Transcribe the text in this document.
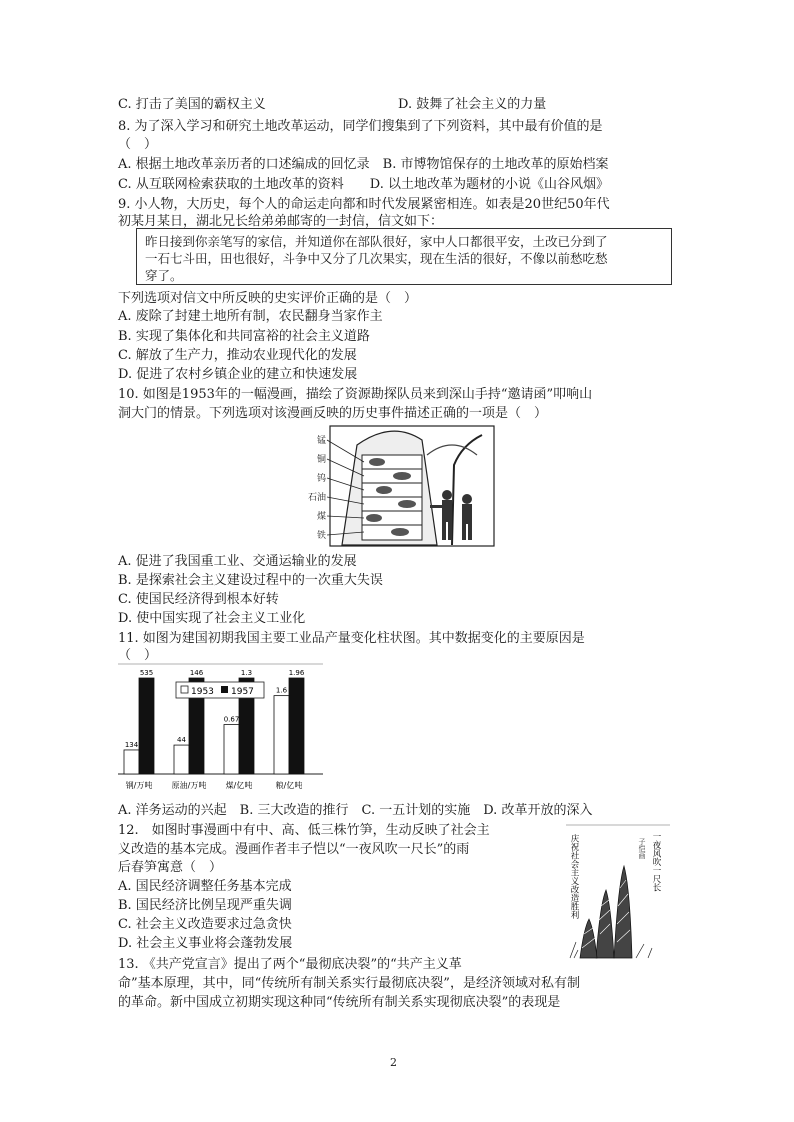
C. 打击了美国的霸权主义	D. 鼓舞了社会主义的力量
8. 为了深入学习和研究土地改革运动，同学们搜集到了下列资料，其中最有价值的是
（　）
A. 根据土地改革亲历者的口述编成的回忆录　B. 市博物馆保存的土地改革的原始档案
C. 从互联网检索获取的土地改革的资料　　D. 以土地改革为题材的小说《山谷风烟》
9. 小人物，大历史，每个人的命运走向都和时代发展紧密相连。如表是20世纪50年代
初某月某日，湖北兄长给弟弟邮寄的一封信，信文如下：
昨日接到你亲笔写的家信，并知道你在部队很好，家中人口都很平安，土改已分到了
一石七斗田，田也很好，斗争中又分了几次果实，现在生活的很好，不像以前愁吃愁
穿了。
下列选项对信文中所反映的史实评价正确的是（　）
A. 废除了封建土地所有制，农民翻身当家作主
B. 实现了集体化和共同富裕的社会主义道路
C. 解放了生产力，推动农业现代化的发展
D. 促进了农村乡镇企业的建立和快速发展
10. 如图是1953年的一幅漫画，描绘了资源勘探队员来到深山手持“邀请函”叩响山
洞大门的情景。下列选项对该漫画反映的历史事件描述正确的一项是（　）
锰
铜
钨
石油
煤
铁
A. 促进了我国重工业、交通运输业的发展
B. 是探索社会主义建设过程中的一次重大失误
C. 使国民经济得到根本好转
D. 使中国实现了社会主义工业化
11. 如图为建国初期我国主要工业品产量变化柱状图。其中数据变化的主要原因是
（　）
134
535
钢/万吨
44
146
原油/万吨
0.67
1.3
煤/亿吨
1.6
1.96
粮/亿吨
1953 1957
A. 洋务运动的兴起　B. 三大改造的推行　C. 一五计划的实施　D. 改革开放的深入
12.　如图时事漫画中有中、高、低三株竹笋，生动反映了社会主
义改造的基本完成。漫画作者丰子恺以“一夜风吹一尺长”的雨
后春笋寓意（　）
A. 国民经济调整任务基本完成
B. 国民经济比例呈现严重失调
C. 社会主义改造要求过急贪快
D. 社会主义事业将会蓬勃发展
庆祝社会主义改造胜利	一夜风吹一尺长
子恺画
13. 《共产党宣言》提出了两个“最彻底决裂”的“共产主义革
命”基本原理，其中，同“传统所有制关系实行最彻底决裂”，是经济领域对私有制
的革命。新中国成立初期实现这种同“传统所有制关系实现彻底决裂”的表现是
2
